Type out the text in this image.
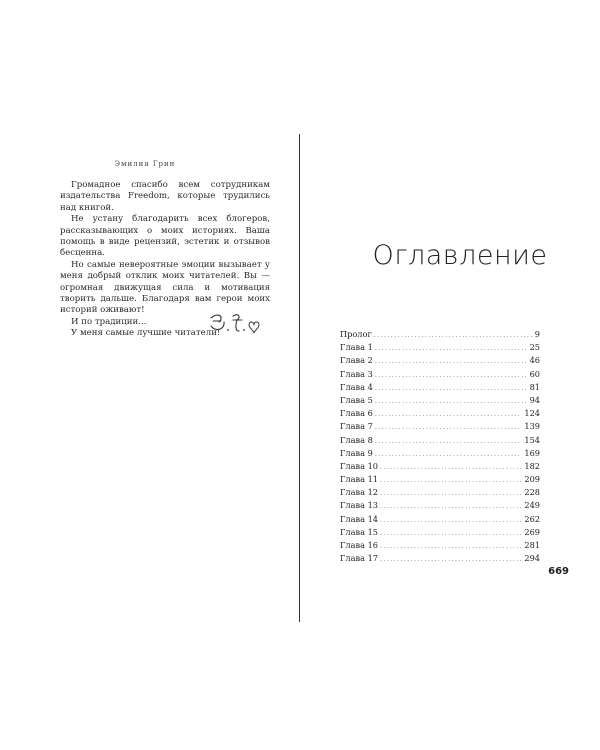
Эмилия Грин

Громадное спасибо всем сотрудникам издательства Freedom, которые трудились над книгой.

Не устану благодарить всех блогеров, рассказывающих о моих историях. Ваша помощь в виде рецензий, эстетик и отзывов бесценна.

Но самые невероятные эмоции вызывает у меня добрый отклик моих читателей. Вы — огромная движущая сила и мотивация творить дальше. Благодаря вам герои моих историй оживают!

И по традиции...

У меня самые лучшие читатели!

Оглавление
Пролог .....	9
Глава 1 .....	25
Глава 2 .....	46
Глава 3 .....	60
Глава 4 .....	81
Глава 5 .....	94
Глава 6 .....	124
Глава 7 .....	139
Глава 8 .....	154
Глава 9 .....	169
Глава 10 .....	182
Глава 11 .....	209
Глава 12 .....	228
Глава 13 .....	249
Глава 14 .....	262
Глава 15 .....	269
Глава 16 .....	281
Глава 17 .....	294
669
